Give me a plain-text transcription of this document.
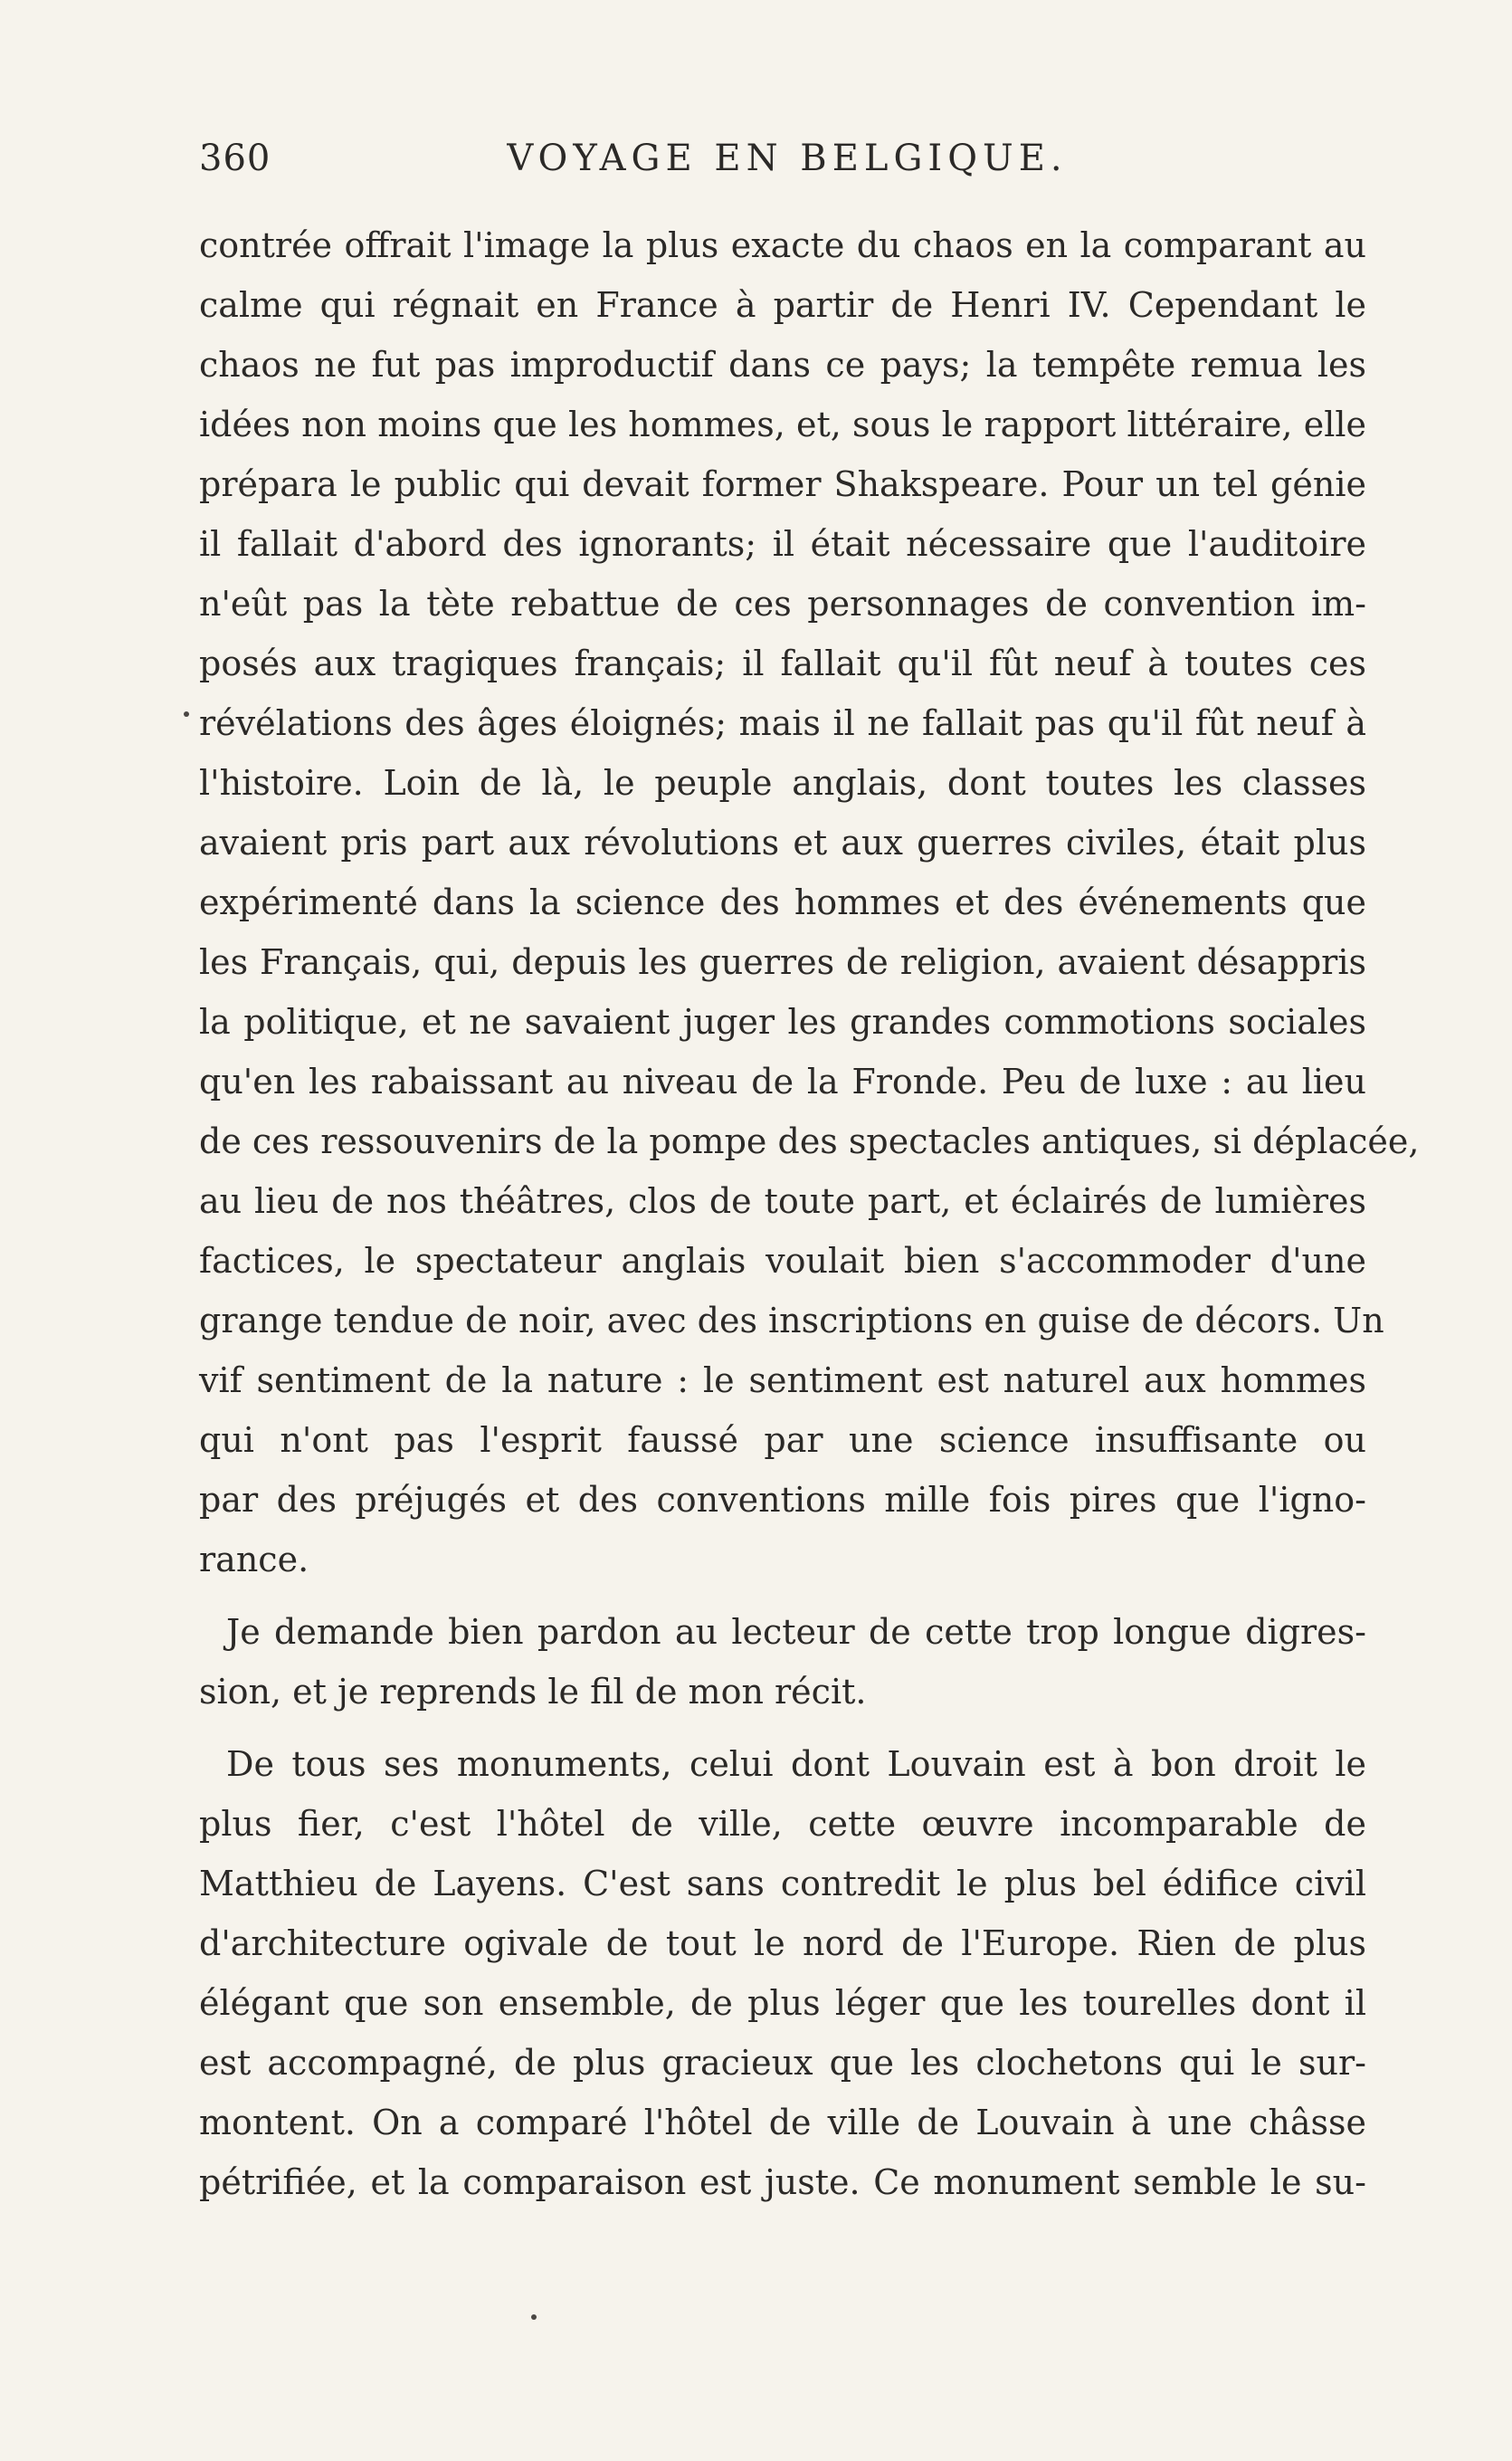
360	VOYAGE EN BELGIQUE.
contrée offrait l'image la plus exacte du chaos en la comparant au
calme qui régnait en France à partir de Henri IV. Cependant le
chaos ne fut pas improductif dans ce pays; la tempête remua les
idées non moins que les hommes, et, sous le rapport littéraire, elle
prépara le public qui devait former Shakspeare. Pour un tel génie
il fallait d'abord des ignorants; il était nécessaire que l'auditoire
n'eût pas la tète rebattue de ces personnages de convention im-
posés aux tragiques français; il fallait qu'il fût neuf à toutes ces
révélations des âges éloignés; mais il ne fallait pas qu'il fût neuf à
l'histoire. Loin de là, le peuple anglais, dont toutes les classes
avaient pris part aux révolutions et aux guerres civiles, était plus
expérimenté dans la science des hommes et des événements que
les Français, qui, depuis les guerres de religion, avaient désappris
la politique, et ne savaient juger les grandes commotions sociales
qu'en les rabaissant au niveau de la Fronde. Peu de luxe : au lieu
de ces ressouvenirs de la pompe des spectacles antiques, si déplacée,
au lieu de nos théâtres, clos de toute part, et éclairés de lumières
factices, le spectateur anglais voulait bien s'accommoder d'une
grange tendue de noir, avec des inscriptions en guise de décors. Un
vif sentiment de la nature : le sentiment est naturel aux hommes
qui n'ont pas l'esprit faussé par une science insuffisante ou
par des préjugés et des conventions mille fois pires que l'igno-
rance.
Je demande bien pardon au lecteur de cette trop longue digres-
sion, et je reprends le fil de mon récit.
De tous ses monuments, celui dont Louvain est à bon droit le
plus fier, c'est l'hôtel de ville, cette œuvre incomparable de
Matthieu de Layens. C'est sans contredit le plus bel édifice civil
d'architecture ogivale de tout le nord de l'Europe. Rien de plus
élégant que son ensemble, de plus léger que les tourelles dont il
est accompagné, de plus gracieux que les clochetons qui le sur-
montent. On a comparé l'hôtel de ville de Louvain à une châsse
pétrifiée, et la comparaison est juste. Ce monument semble le su-
